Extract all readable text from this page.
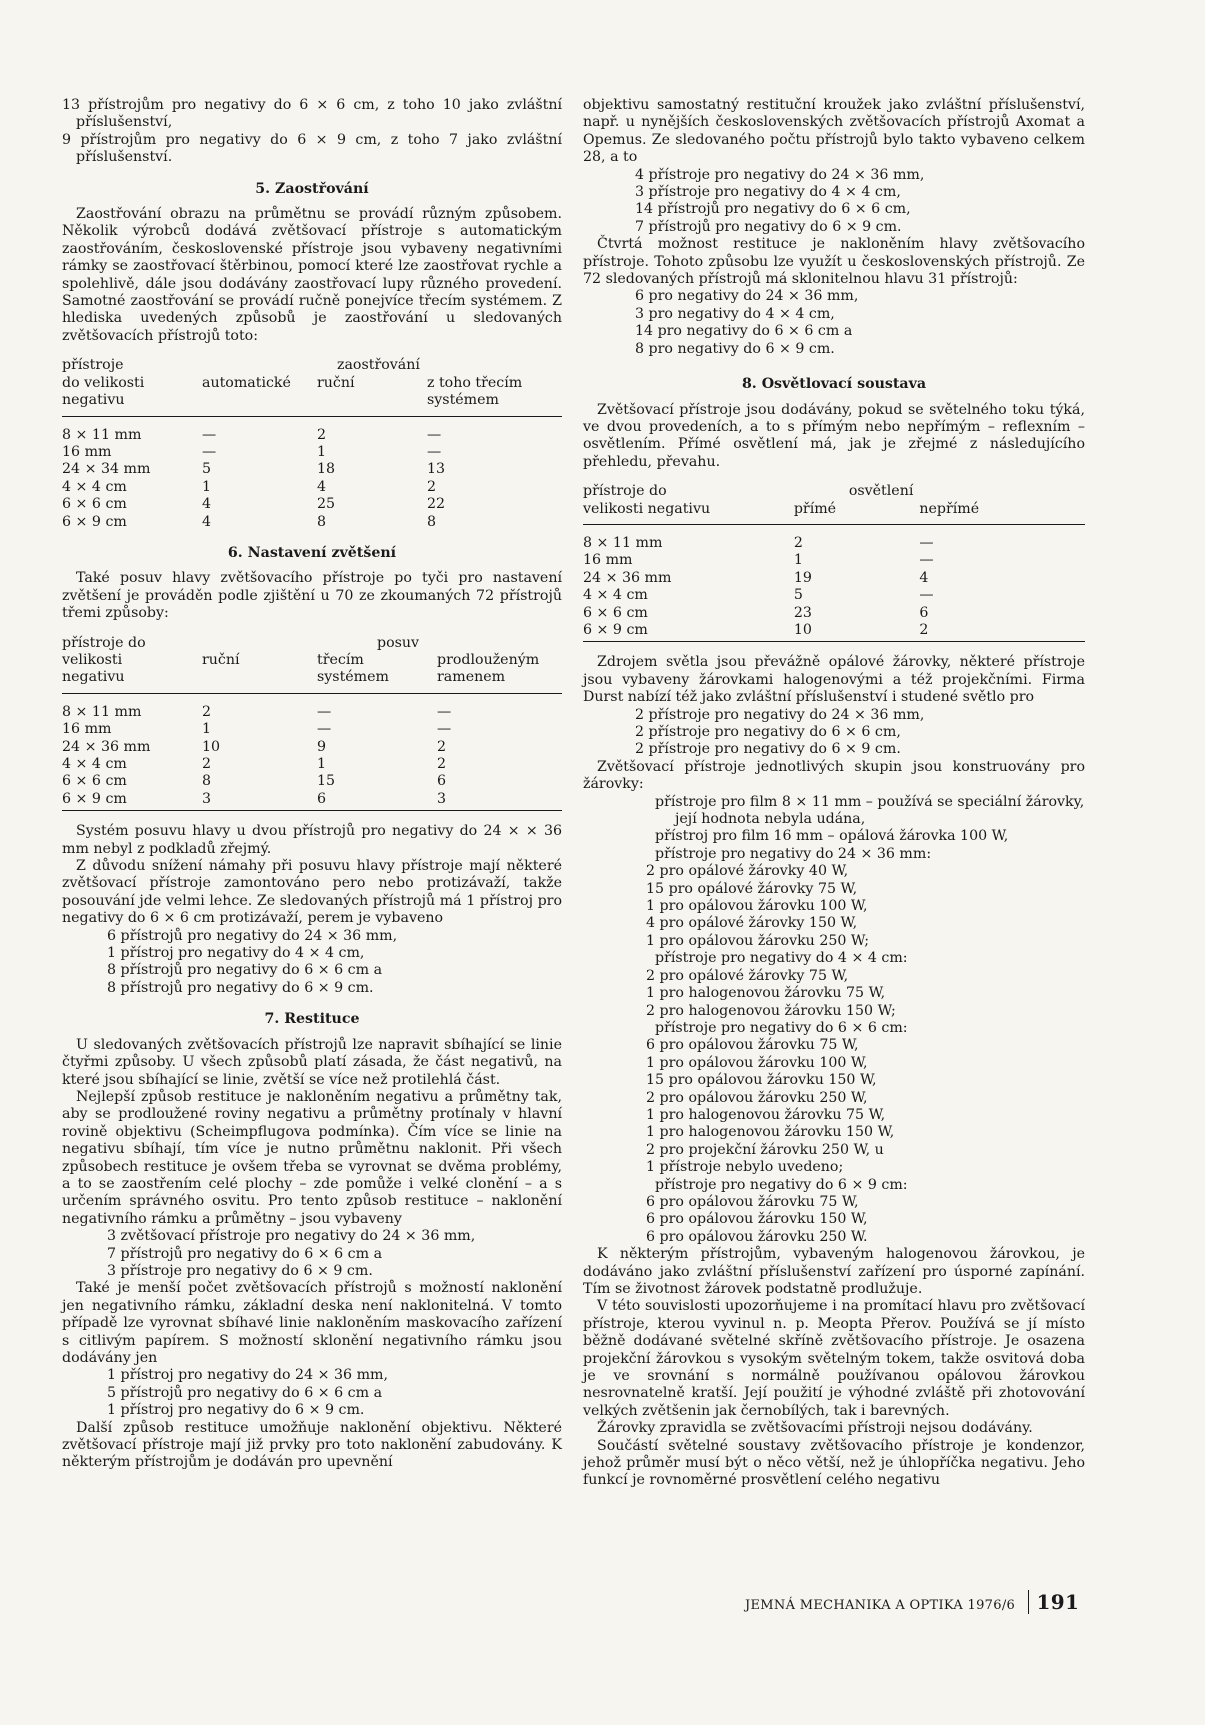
13 přístrojům pro negativy do 6 × 6 cm, z toho 10 jako zvláštní příslušenství,

9 přístrojům pro negativy do 6 × 9 cm, z toho 7 jako zvláštní příslušenství.

5. Zaostřování

Zaostřování obrazu na průmětnu se provádí různým způsobem. Několik výrobců dodává zvětšovací přístroje s automatickým zaostřováním, československé přístroje jsou vybaveny negativními rámky se zaostřovací štěrbinou, pomocí které lze zaostřovat rychle a spolehlivě, dále jsou dodávány zaostřovací lupy různého provedení. Samotné zaostřování se provádí ručně ponejvíce třecím systémem. Z hlediska uvedených způsobů je zaostřování u sledovaných zvětšovacích přístrojů toto:

přístroje		zaostřování	
do velikosti	automatické	ruční	z toho třecím
negativu			systémem

8 × 11 mm	—	2	—
16 mm	—	1	—
24 × 34 mm	5	18	13
4 × 4 cm	1	4	2
6 × 6 cm	4	25	22
6 × 9 cm	4	8	8
6. Nastavení zvětšení

Také posuv hlavy zvětšovacího přístroje po tyči pro nastavení zvětšení je prováděn podle zjištění u 70 ze zkoumaných 72 přístrojů třemi způsoby:

přístroje do		posuv	
velikosti	ruční	třecím	prodlouženým
negativu		systémem	ramenem

8 × 11 mm	2	—	—
16 mm	1	—	—
24 × 36 mm	10	9	2
4 × 4 cm	2	1	2
6 × 6 cm	8	15	6
6 × 9 cm	3	6	3

Systém posuvu hlavy u dvou přístrojů pro negativy do 24 × × 36 mm nebyl z podkladů zřejmý.

Z důvodu snížení námahy při posuvu hlavy přístroje mají některé zvětšovací přístroje zamontováno pero nebo protizávaží, takže posouvání jde velmi lehce. Ze sledovaných přístrojů má 1 přístroj pro negativy do 6 × 6 cm protizávaží, perem je vybaveno

6 přístrojů pro negativy do 24 × 36 mm,
1 přístroj pro negativy do 4 × 4 cm,
8 přístrojů pro negativy do 6 × 6 cm a
8 přístrojů pro negativy do 6 × 9 cm.
7. Restituce

U sledovaných zvětšovacích přístrojů lze napravit sbíhající se linie čtyřmi způsoby. U všech způsobů platí zásada, že část negativů, na které jsou sbíhající se linie, zvětší se více než protilehlá část.

Nejlepší způsob restituce je nakloněním negativu a průmětny tak, aby se prodloužené roviny negativu a průmětny protínaly v hlavní rovině objektivu (Scheimpflugova podmínka). Čím více se linie na negativu sbíhají, tím více je nutno průmětnu naklonit. Při všech způsobech restituce je ovšem třeba se vyrovnat se dvěma problémy, a to se zaostřením celé plochy – zde pomůže i velké clonění – a s určením správného osvitu. Pro tento způsob restituce – naklonění negativního rámku a průmětny – jsou vybaveny

3 zvětšovací přístroje pro negativy do 24 × 36 mm,
7 přístrojů pro negativy do 6 × 6 cm a
3 přístroje pro negativy do 6 × 9 cm.

Také je menší počet zvětšovacích přístrojů s možností naklonění jen negativního rámku, základní deska není naklonitelná. V tomto případě lze vyrovnat sbíhavé linie nakloněním maskovacího zařízení s citlivým papírem. S možností sklonění negativního rámku jsou dodávány jen

1 přístroj pro negativy do 24 × 36 mm,
5 přístrojů pro negativy do 6 × 6 cm a
1 přístroj pro negativy do 6 × 9 cm.

Další způsob restituce umožňuje naklonění objektivu. Některé zvětšovací přístroje mají již prvky pro toto naklonění zabudovány. K některým přístrojům je dodáván pro upevnění

objektivu samostatný restituční kroužek jako zvláštní příslušenství, např. u nynějších československých zvětšovacích přístrojů Axomat a Opemus. Ze sledovaného počtu přístrojů bylo takto vybaveno celkem 28, a to

4 přístroje pro negativy do 24 × 36 mm,
3 přístroje pro negativy do 4 × 4 cm,
14 přístrojů pro negativy do 6 × 6 cm,
7 přístrojů pro negativy do 6 × 9 cm.

Čtvrtá možnost restituce je nakloněním hlavy zvětšovacího přístroje. Tohoto způsobu lze využít u československých přístrojů. Ze 72 sledovaných přístrojů má sklonitelnou hlavu 31 přístrojů:

6 pro negativy do 24 × 36 mm,
3 pro negativy do 4 × 4 cm,
14 pro negativy do 6 × 6 cm a
8 pro negativy do 6 × 9 cm.
8. Osvětlovací soustava

Zvětšovací přístroje jsou dodávány, pokud se světelného toku týká, ve dvou provedeních, a to s přímým nebo nepřímým – reflexním – osvětlením. Přímé osvětlení má, jak je zřejmé z následujícího přehledu, převahu.

přístroje do	osvětlení	
velikosti negativu	přímé	nepřímé

8 × 11 mm	2	—
16 mm	1	—
24 × 36 mm	19	4
4 × 4 cm	5	—
6 × 6 cm	23	6
6 × 9 cm	10	2

Zdrojem světla jsou převážně opálové žárovky, některé přístroje jsou vybaveny žárovkami halogenovými a též projekčními. Firma Durst nabízí též jako zvláštní příslušenství i studené světlo pro

2 přístroje pro negativy do 24 × 36 mm,
2 přístroje pro negativy do 6 × 6 cm,
2 přístroje pro negativy do 6 × 9 cm.

Zvětšovací přístroje jednotlivých skupin jsou konstruovány pro žárovky:

přístroje pro film 8 × 11 mm – používá se speciální žárovky, její hodnota nebyla udána,
přístroj pro film 16 mm – opálová žárovka 100 W,
přístroje pro negativy do 24 × 36 mm:
2 pro opálové žárovky 40 W,
15 pro opálové žárovky 75 W,
1 pro opálovou žárovku 100 W,
4 pro opálové žárovky 150 W,
1 pro opálovou žárovku 250 W;
přístroje pro negativy do 4 × 4 cm:
2 pro opálové žárovky 75 W,
1 pro halogenovou žárovku 75 W,
2 pro halogenovou žárovku 150 W;
přístroje pro negativy do 6 × 6 cm:
6 pro opálovou žárovku 75 W,
1 pro opálovou žárovku 100 W,
15 pro opálovou žárovku 150 W,
2 pro opálovou žárovku 250 W,
1 pro halogenovou žárovku 75 W,
1 pro halogenovou žárovku 150 W,
2 pro projekční žárovku 250 W, u
1 přístroje nebylo uvedeno;
přístroje pro negativy do 6 × 9 cm:
6 pro opálovou žárovku 75 W,
6 pro opálovou žárovku 150 W,
6 pro opálovou žárovku 250 W.

K některým přístrojům, vybaveným halogenovou žárovkou, je dodáváno jako zvláštní příslušenství zařízení pro úsporné zapínání. Tím se životnost žárovek podstatně prodlužuje.

V této souvislosti upozorňujeme i na promítací hlavu pro zvětšovací přístroje, kterou vyvinul n. p. Meopta Přerov. Používá se jí místo běžně dodávané světelné skříně zvětšovacího přístroje. Je osazena projekční žárovkou s vysokým světelným tokem, takže osvitová doba je ve srovnání s normálně používanou opálovou žárovkou nesrovnatelně kratší. Její použití je výhodné zvláště při zhotovování velkých zvětšenin jak černobílých, tak i barevných.

Žárovky zpravidla se zvětšovacími přístroji nejsou dodávány.

Součástí světelné soustavy zvětšovacího přístroje je kondenzor, jehož průměr musí být o něco větší, než je úhlopříčka negativu. Jeho funkcí je rovnoměrné prosvětlení celého negativu

JEMNÁ MECHANIKA A OPTIKA 1976/6 191
